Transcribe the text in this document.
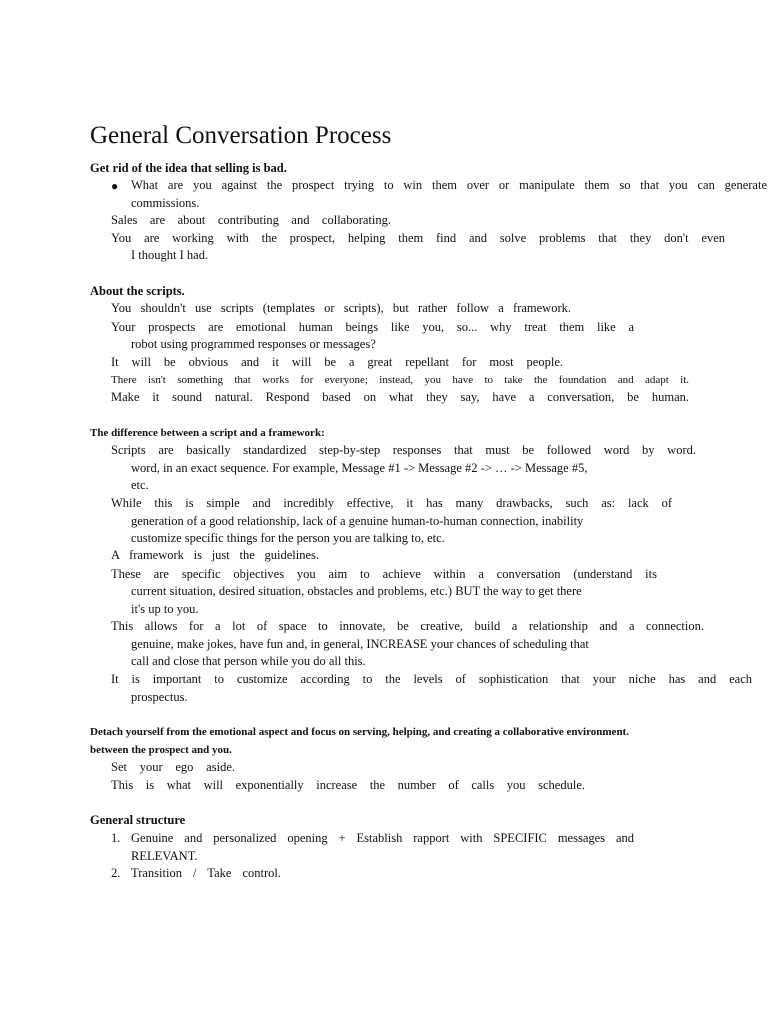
General Conversation Process
Get rid of the idea that selling is bad.
● What are you against the prospect trying to win them over or manipulate them so that you can generate
commissions.
Sales are about contributing and collaborating.
You are working with the prospect, helping them find and solve problems that they don't even
I thought I had.
About the scripts.
You shouldn't use scripts (templates or scripts), but rather follow a framework.
Your prospects are emotional human beings like you, so... why treat them like a
robot using programmed responses or messages?
It will be obvious and it will be a great repellant for most people.
There isn't something that works for everyone; instead, you have to take the foundation and adapt it.
Make it sound natural. Respond based on what they say, have a conversation, be human.
The difference between a script and a framework:
Scripts are basically standardized step-by-step responses that must be followed word by word.
word, in an exact sequence. For example, Message #1 -> Message #2 -> … -> Message #5,
etc.
While this is simple and incredibly effective, it has many drawbacks, such as: lack of
generation of a good relationship, lack of a genuine human-to-human connection, inability
customize specific things for the person you are talking to, etc.
A framework is just the guidelines.
These are specific objectives you aim to achieve within a conversation (understand its
current situation, desired situation, obstacles and problems, etc.) BUT the way to get there
it's up to you.
This allows for a lot of space to innovate, be creative, build a relationship and a connection.
genuine, make jokes, have fun and, in general, INCREASE your chances of scheduling that
call and close that person while you do all this.
It is important to customize according to the levels of sophistication that your niche has and each
prospectus.
Detach yourself from the emotional aspect and focus on serving, helping, and creating a collaborative environment.
between the prospect and you.
Set your ego aside.
This is what will exponentially increase the number of calls you schedule.
General structure
1. Genuine and personalized opening + Establish rapport with SPECIFIC messages and
RELEVANT.
2. Transition / Take control.
